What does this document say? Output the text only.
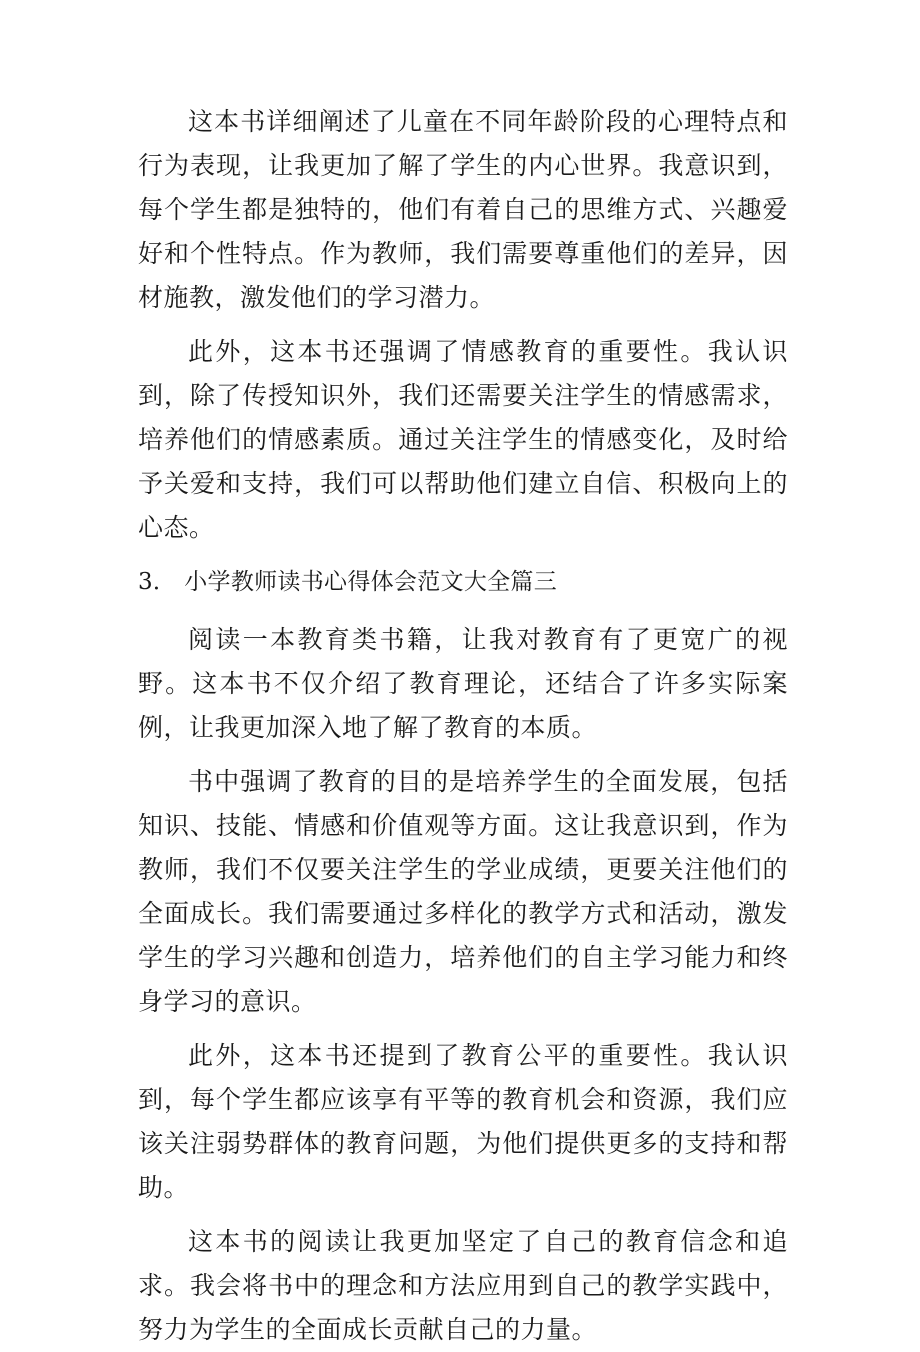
这本书详细阐述了儿童在不同年龄阶段的心理特点和行为表现，让我更加了解了学生的内心世界。我意识到，每个学生都是独特的，他们有着自己的思维方式、兴趣爱好和个性特点。作为教师，我们需要尊重他们的差异，因材施教，激发他们的学习潜力。

此外，这本书还强调了情感教育的重要性。我认识到，除了传授知识外，我们还需要关注学生的情感需求，培养他们的情感素质。通过关注学生的情感变化，及时给予关爱和支持，我们可以帮助他们建立自信、积极向上的心态。

3． 小学教师读书心得体会范文大全篇三

阅读一本教育类书籍，让我对教育有了更宽广的视野。这本书不仅介绍了教育理论，还结合了许多实际案例，让我更加深入地了解了教育的本质。

书中强调了教育的目的是培养学生的全面发展，包括知识、技能、情感和价值观等方面。这让我意识到，作为教师，我们不仅要关注学生的学业成绩，更要关注他们的全面成长。我们需要通过多样化的教学方式和活动，激发学生的学习兴趣和创造力，培养他们的自主学习能力和终身学习的意识。

此外，这本书还提到了教育公平的重要性。我认识到，每个学生都应该享有平等的教育机会和资源，我们应该关注弱势群体的教育问题，为他们提供更多的支持和帮助。

这本书的阅读让我更加坚定了自己的教育信念和追求。我会将书中的理念和方法应用到自己的教学实践中，努力为学生的全面成长贡献自己的力量。
